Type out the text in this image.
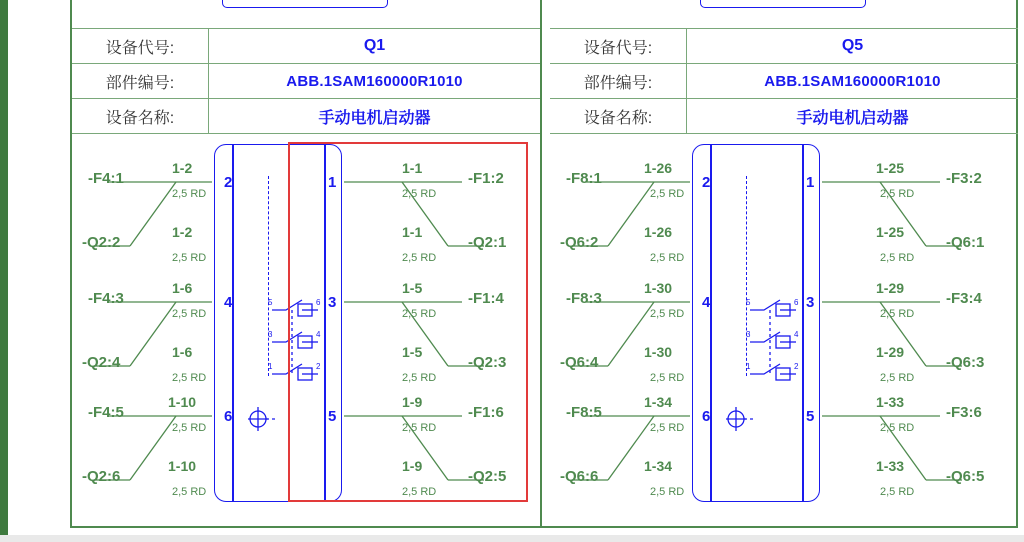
设备代号:	Q1
部件编号:	ABB.1SAM160000R1010
设备名称:	手动电机启动器
5
3
1
6
4
2
2
4
6
1
3
5
-F4:1
1-2
2,5 RD
-Q2:2
1-2
2,5 RD
-F4:3
1-6
2,5 RD
-Q2:4
1-6
2,5 RD
-F4:5
1-10
2,5 RD
-Q2:6
1-10
2,5 RD
1-1
2,5 RD
-F1:2
1-1
2,5 RD
-Q2:1
1-5
2,5 RD
-F1:4
1-5
2,5 RD
-Q2:3
1-9
2,5 RD
-F1:6
1-9
2,5 RD
-Q2:5
设备代号:	Q5
部件编号:	ABB.1SAM160000R1010
设备名称:	手动电机启动器
5
3
1
6
4
2
2
4
6
1
3
5
-F8:1
1-26
2,5 RD
-Q6:2
1-26
2,5 RD
-F8:3
1-30
2,5 RD
-Q6:4
1-30
2,5 RD
-F8:5
1-34
2,5 RD
-Q6:6
1-34
2,5 RD
1-25
2,5 RD
-F3:2
1-25
2,5 RD
-Q6:1
1-29
2,5 RD
-F3:4
1-29
2,5 RD
-Q6:3
1-33
2,5 RD
-F3:6
1-33
2,5 RD
-Q6:5
